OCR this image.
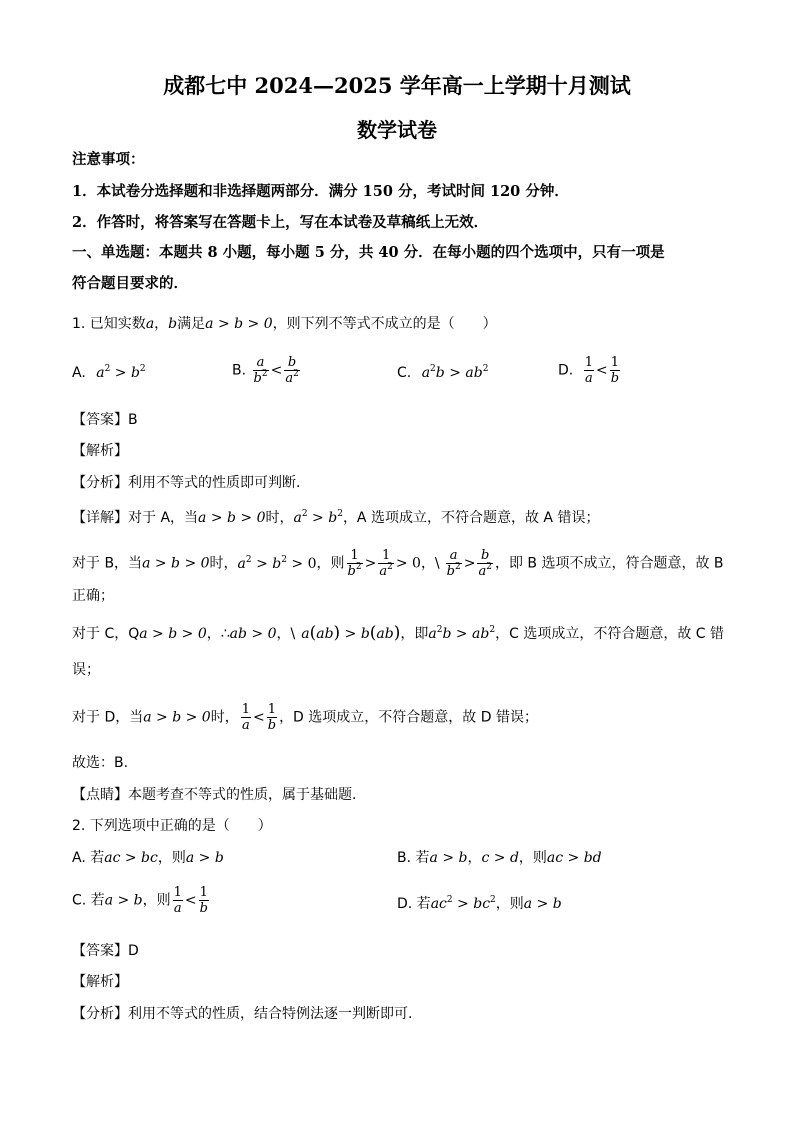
成都七中 2024—2025 学年高一上学期十月测试
数学试卷
注意事项：
1．本试卷分选择题和非选择题两部分．满分 150 分，考试时间 120 分钟．
2．作答时，将答案写在答题卡上，写在本试卷及草稿纸上无效．
一、单选题：本题共 8 小题，每小题 5 分，共 40 分．在每小题的四个选项中，只有一项是
符合题目要求的．
1. 已知实数a，b满足a > b > 0，则下列不等式不成立的是（　　）
A. $a^2 > b^2$	B. $\frac{a}{b^2} < \frac{b}{a^2}$	C. $a^2b > ab^2$	D. $\frac{1}{a} < \frac{1}{b}$
【答案】B
【解析】
【分析】利用不等式的性质即可判断.
【详解】对于 A，当a > b > 0时，$a^2 > b^2$，A 选项成立，不符合题意，故 A 错误；
对于 B，当a > b > 0时，$a^2 > b^2 > 0$，则 $\frac{1}{b^2} > \frac{1}{a^2} > 0$，\ $\frac{a}{b^2} > \frac{b}{a^2}$ ，即 B 选项不成立，符合题意，故 B
正确；
对于 C，Qa > b > 0，∴ab > 0，\ a(ab) > b(ab)，即$a^2b > ab^2$，C 选项成立，不符合题意，故 C 错
误；
对于 D，当a > b > 0时， $\frac{1}{a} < \frac{1}{b}$ ，D 选项成立，不符合题意，故 D 错误；
故选：B.
【点睛】本题考查不等式的性质，属于基础题.
2. 下列选项中正确的是（　　）
A. 若ac > bc，则a > b	B. 若a > b，c > d，则ac > bd
C. 若a > b，则 $\frac{1}{a} < \frac{1}{b}$	D. 若$ac^2 > bc^2$，则a > b
【答案】D
【解析】
【分析】利用不等式的性质，结合特例法逐一判断即可.
